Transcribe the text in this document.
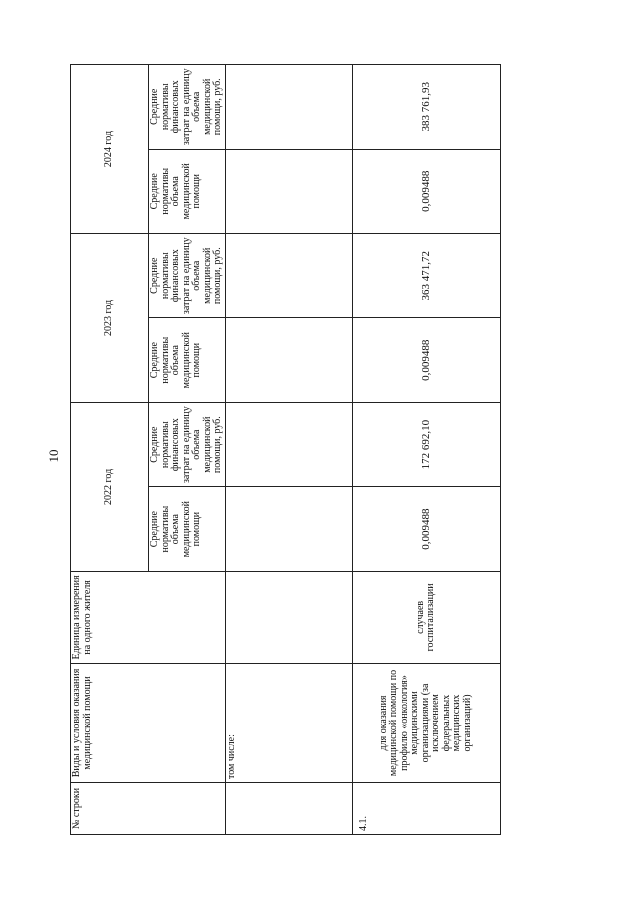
10
№ строки	Виды и условия оказания медицинской помощи	Единица измерения на одного жителя	2022 год		2023 год		2024 год	
			Средние нормативы объема медицинской помощи	Средние нормативы финансовых затрат на единицу объема медицинской помощи, руб.	Средние нормативы объема медицинской помощи	Средние нормативы финансовых затрат на единицу объема медицинской помощи, руб.	Средние нормативы объема медицинской помощи	Средние нормативы финансовых затрат на единицу объема медицинской помощи, руб.
	том числе:							
4.1.	для оказания медицинской помощи по профилю «онкология» медицинскими организациями (за исключением федеральных медицинских организаций)	случаев госпитализации	0,009488	172 692,10	0,009488	363 471,72	0,009488	383 761,93
